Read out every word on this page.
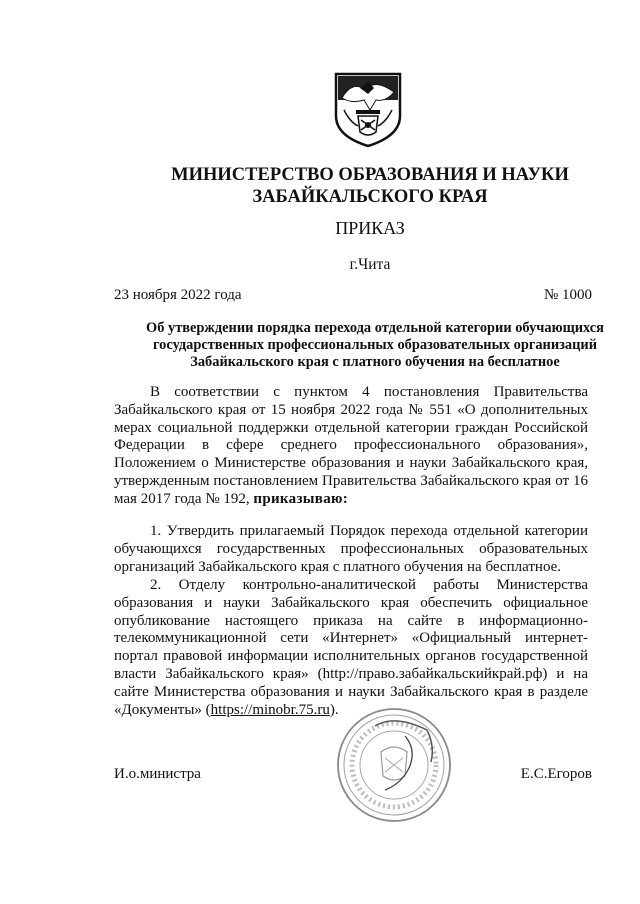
МИНИСТЕРСТВО ОБРАЗОВАНИЯ И НАУКИ
ЗАБАЙКАЛЬСКОГО КРАЯ
ПРИКАЗ
г.Чита
23 ноября 2022 года	№ 1000
Об утверждении порядка перехода отдельной категории обучающихся
государственных профессиональных образовательных организаций
Забайкальского края с платного обучения на бесплатное
В соответствии с пунктом 4 постановления Правительства Забайкальского края от 15 ноября 2022 года № 551 «О дополнительных мерах социальной поддержки отдельной категории граждан Российской Федерации в сфере среднего профессионального образования», Положением о Министерстве образования и науки Забайкальского края, утвержденным постановлением Правительства Забайкальского края от 16 мая 2017 года № 192, приказываю:
1. Утвердить прилагаемый Порядок перехода отдельной категории обучающихся государственных профессиональных образовательных организаций Забайкальского края с платного обучения на бесплатное.
2. Отделу контрольно-аналитической работы Министерства образования и науки Забайкальского края обеспечить официальное опубликование настоящего приказа на сайте в информационно-телекоммуникационной сети «Интернет» «Официальный интернет-портал правовой информации исполнительных органов государственной власти Забайкальского края» (http://право.забайкальскийкрай.рф) и на сайте Министерства образования и науки Забайкальского края в разделе «Документы» (https://minobr.75.ru).
И.о.министра	Е.С.Егоров
